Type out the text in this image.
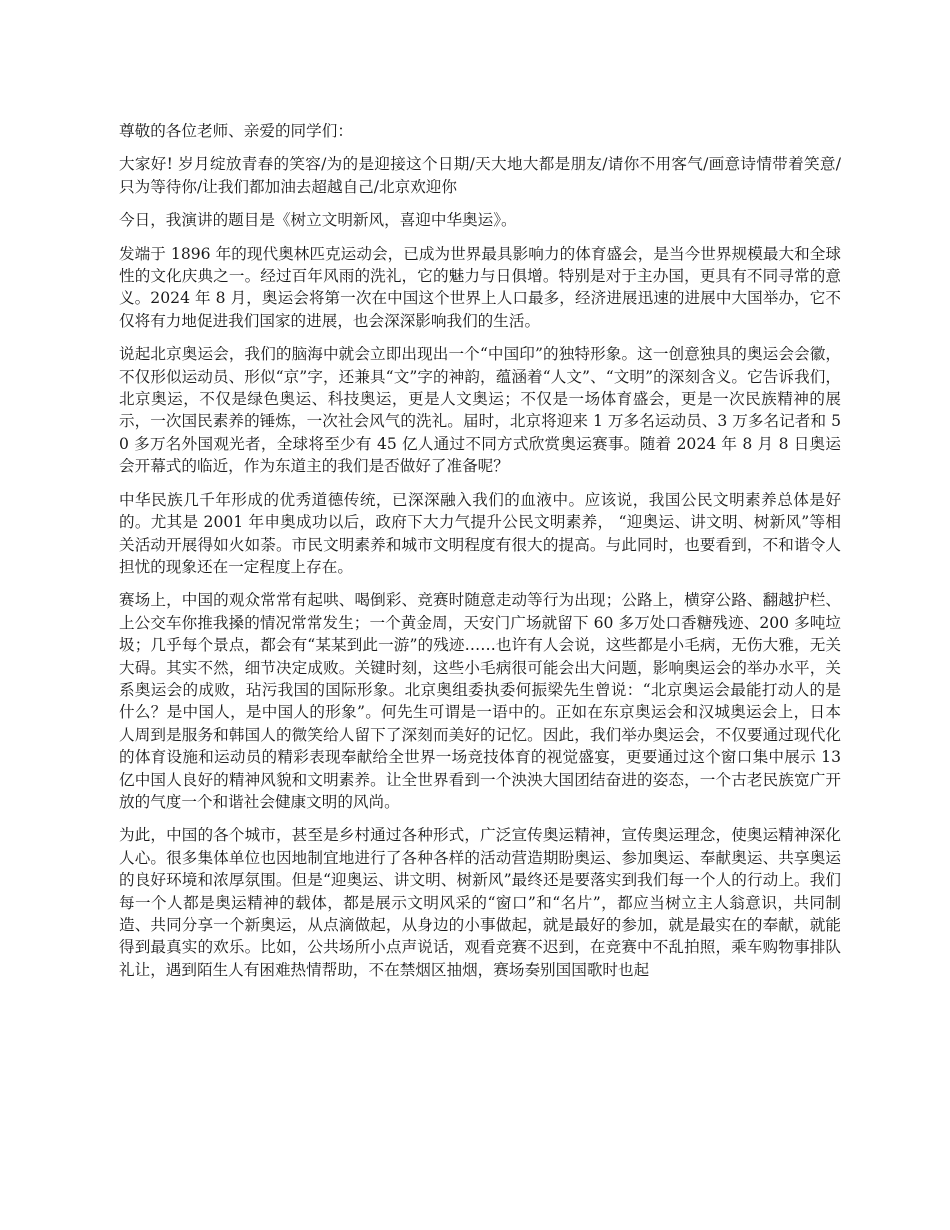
尊敬的各位老师、亲爱的同学们：

大家好! 岁月绽放青春的笑容/为的是迎接这个日期/天大地大都是朋友/请你不用客气/画意诗情带着笑意/只为等待你/让我们都加油去超越自己/北京欢迎你

今日，我演讲的题目是《树立文明新风，喜迎中华奥运》。

发端于 1896 年的现代奥林匹克运动会，已成为世界最具影响力的体育盛会，是当今世界规模最大和全球性的文化庆典之一。经过百年风雨的洗礼，它的魅力与日俱增。特别是对于主办国，更具有不同寻常的意义。2024 年 8 月，奥运会将第一次在中国这个世界上人口最多，经济进展迅速的进展中大国举办，它不仅将有力地促进我们国家的进展，也会深深影响我们的生活。

说起北京奥运会，我们的脑海中就会立即出现出一个“中国印”的独特形象。这一创意独具的奥运会会徽，不仅形似运动员、形似“京”字，还兼具“文”字的神韵，蕴涵着“人文”、“文明”的深刻含义。它告诉我们，北京奥运，不仅是绿色奥运、科技奥运，更是人文奥运；不仅是一场体育盛会，更是一次民族精神的展示，一次国民素养的锤炼，一次社会风气的洗礼。届时，北京将迎来 1 万多名运动员、3 万多名记者和 50 多万名外国观光者，全球将至少有 45 亿人通过不同方式欣赏奥运赛事。随着 2024 年 8 月 8 日奥运会开幕式的临近，作为东道主的我们是否做好了准备呢？

中华民族几千年形成的优秀道德传统，已深深融入我们的血液中。应该说，我国公民文明素养总体是好的。尤其是 2001 年申奥成功以后，政府下大力气提升公民文明素养， “迎奥运、讲文明、树新风”等相关活动开展得如火如荼。市民文明素养和城市文明程度有很大的提高。与此同时，也要看到，不和谐令人担忧的现象还在一定程度上存在。

赛场上，中国的观众常常有起哄、喝倒彩、竞赛时随意走动等行为出现；公路上，横穿公路、翻越护栏、上公交车你推我搡的情况常常发生；一个黄金周，天安门广场就留下 60 多万处口香糖残迹、200 多吨垃圾；几乎每个景点，都会有“某某到此一游”的残迹……也许有人会说，这些都是小毛病，无伤大雅，无关大碍。其实不然，细节决定成败。关键时刻，这些小毛病很可能会出大问题，影响奥运会的举办水平，关系奥运会的成败，玷污我国的国际形象。北京奥组委执委何振梁先生曾说：“北京奥运会最能打动人的是什么？是中国人，是中国人的形象”。何先生可谓是一语中的。正如在东京奥运会和汉城奥运会上，日本人周到是服务和韩国人的微笑给人留下了深刻而美好的记忆。因此，我们举办奥运会，不仅要通过现代化的体育设施和运动员的精彩表现奉献给全世界一场竞技体育的视觉盛宴，更要通过这个窗口集中展示 13 亿中国人良好的精神风貌和文明素养。让全世界看到一个泱泱大国团结奋进的姿态，一个古老民族宽广开放的气度一个和谐社会健康文明的风尚。

为此，中国的各个城市，甚至是乡村通过各种形式，广泛宣传奥运精神，宣传奥运理念，使奥运精神深化人心。很多集体单位也因地制宜地进行了各种各样的活动营造期盼奥运、参加奥运、奉献奥运、共享奥运的良好环境和浓厚氛围。但是“迎奥运、讲文明、树新风”最终还是要落实到我们每一个人的行动上。我们每一个人都是奥运精神的载体，都是展示文明风采的“窗口”和“名片”，都应当树立主人翁意识，共同制造、共同分享一个新奥运，从点滴做起，从身边的小事做起，就是最好的参加，就是最实在的奉献，就能得到最真实的欢乐。比如，公共场所小点声说话，观看竞赛不迟到，在竞赛中不乱拍照，乘车购物事排队礼让，遇到陌生人有困难热情帮助，不在禁烟区抽烟，赛场奏别国国歌时也起
